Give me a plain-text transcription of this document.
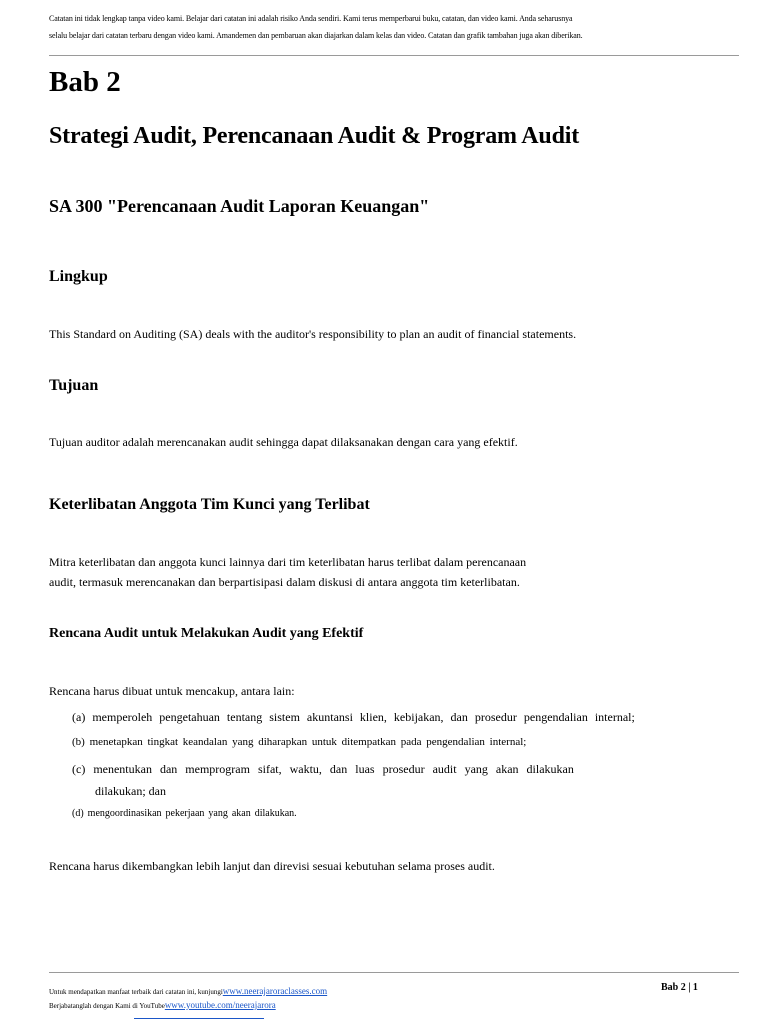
Catatan ini tidak lengkap tanpa video kami. Belajar dari catatan ini adalah risiko Anda sendiri. Kami terus memperbarui buku, catatan, dan video kami. Anda seharusnya
selalu belajar dari catatan terbaru dengan video kami. Amandemen dan pembaruan akan diajarkan dalam kelas dan video. Catatan dan grafik tambahan juga akan diberikan.
Bab 2
Strategi Audit, Perencanaan Audit & Program Audit
SA 300 "Perencanaan Audit Laporan Keuangan"
Lingkup
This Standard on Auditing (SA) deals with the auditor's responsibility to plan an audit of financial statements.
Tujuan
Tujuan auditor adalah merencanakan audit sehingga dapat dilaksanakan dengan cara yang efektif.
Keterlibatan Anggota Tim Kunci yang Terlibat
Mitra keterlibatan dan anggota kunci lainnya dari tim keterlibatan harus terlibat dalam perencanaan
audit, termasuk merencanakan dan berpartisipasi dalam diskusi di antara anggota tim keterlibatan.
Rencana Audit untuk Melakukan Audit yang Efektif
Rencana harus dibuat untuk mencakup, antara lain:
(a) memperoleh pengetahuan tentang sistem akuntansi klien, kebijakan, dan prosedur pengendalian internal;
(b) menetapkan tingkat keandalan yang diharapkan untuk ditempatkan pada pengendalian internal;
(c) menentukan dan memprogram sifat, waktu, dan luas prosedur audit yang akan dilakukan
dilakukan; dan
(d) mengoordinasikan pekerjaan yang akan dilakukan.
Rencana harus dikembangkan lebih lanjut dan direvisi sesuai kebutuhan selama proses audit.
Untuk mendapatkan manfaat terbaik dari catatan ini, kunjungiwww.neerajaroraclasses.com
Berjabatanglah dengan Kami di YouTubewww.youtube.com/neerajarora
Bab 2 | 1
